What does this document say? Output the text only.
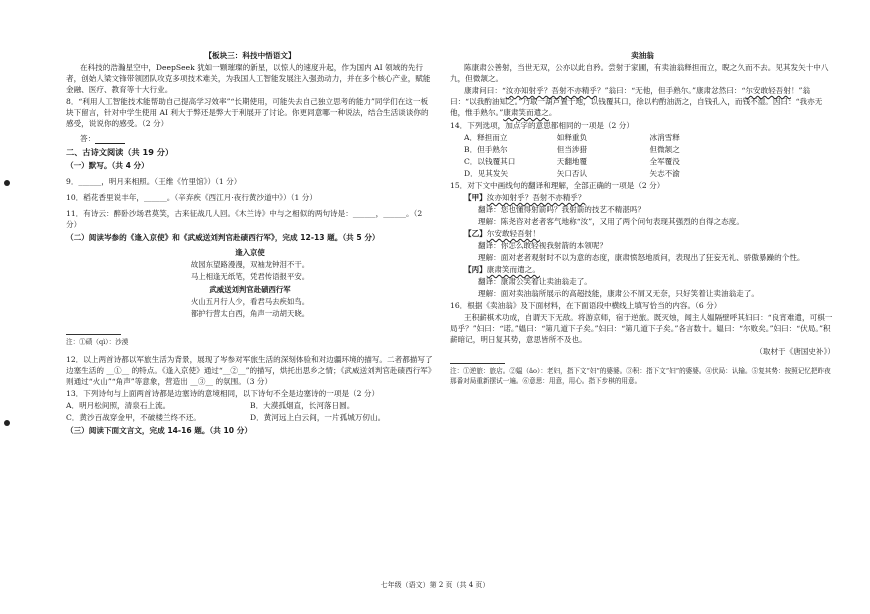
【板块三：科技中悟语文】
在科技的浩瀚星空中，DeepSeek 犹如一颗璀璨的新星，以惊人的速度升起，作为国内 AI 领域的先行者，创始人梁文锋带领团队攻克多项技术难关，为我国人工智能发展注入强劲动力，并在多个核心产业，赋能金融、医疗、教育等十大行业。
8．“利用人工智能技术能帮助自己提高学习效率”“长期使用，可能失去自己独立思考的能力”同学们在这一板块下留言，针对中学生使用 AI 利大于弊还是弊大于利展开了讨论。你更同意哪一种说法，结合生活谈谈你的感受，说说你的感受。（2 分）
答：
二、古诗文阅读（共 19 分）
（一）默写。（共 4 分）
9．______，明月来相照。（王维《竹里馆》）（1 分）
10．稻花香里说丰年，______。（辛弃疾《西江月·夜行黄沙道中》）（1 分）
11．有诗云：醉卧沙场君莫笑，古来征战几人回。《木兰诗》中与之相似的两句诗是：______，______。（2 分）
（二）阅读岑参的《逢入京使》和《武威送刘判官赴碛西行军》，完成 12-13 题。（共 5 分）
逢入京使
故园东望路漫漫，双袖龙钟泪不干。
马上相逢无纸笔，凭君传语报平安。
武威送刘判官赴碛西行军
火山五月行人少，看君马去疾如鸟。
都护行营太白西，角声一动胡天晓。
注：①碛（qì）：沙漠
12．以上两首诗都以军旅生活为背景，展现了岑参对军旅生活的深刻体验和对边疆环境的描写。二者都描写了边塞生活的 __①__ 的特点。《逢入京使》通过“__②__”的描写，烘托出思乡之情；《武威送刘判官赴碛西行军》则通过“火山”“角声”等意象，营造出 __③__ 的氛围。（3 分）
13．下列诗句与上面两首诗都是边塞诗的意境相同，以下诗句不全是边塞诗的一项是（2 分）
A．明月松间照，清泉石上流。	B．大漠孤烟直，长河落日圆。
C．黄沙百战穿金甲，不破楼兰终不还。	D．黄河远上白云间，一片孤城万仞山。
（三）阅读下面文言文，完成 14-16 题。（共 10 分）
卖油翁
陈康肃公善射，当世无双，公亦以此自矜。尝射于家圃，有卖油翁释担而立，睨之久而不去。见其发矢十中八九，但微颔之。
康肃问曰：“汝亦知射乎？吾射不亦精乎？”翁曰：“无他，但手熟尔。”康肃忿然曰：“尔安敢轻吾射！”翁曰：“以我酌油知之。”乃取一葫芦置于地，以钱覆其口，徐以杓酌油沥之，自钱孔入，而钱不湿。因曰：“我亦无他，惟手熟尔。”康肃笑而遣之。
14．下列选项，加点字的意思都相同的一项是（2 分）
A．释担而立	如释重负	冰消雪释
B．但手熟尔	但当涉猎	但微颔之
C．以钱覆其口	天翻地覆	全军覆没
D．见其发矢	矢口否认	矢志不渝
15．对下文中画线句的翻译和理解，全部正确的一项是（2 分）
【甲】汝亦知射乎？吾射不亦精乎？
翻译：您也懂得射箭吗？我射箭的技艺不精湛吗？
理解：陈尧咨对老者客气地称“汝”，又用了两个问句表现其强烈的自得之态度。
【乙】尔安敢轻吾射！
翻译：你怎么敢轻视我射箭的本领呢？
理解：面对老者观射时不以为意的态度，康肃愤怒地质问，表现出了狂妄无礼、骄傲暴躁的个性。
【丙】康肃笑而遣之。
翻译：康肃公笑着让卖油翁走了。
理解：面对卖油翁所展示的高超技能，康肃公不屑又无奈，只好笑着让卖油翁走了。
16．根据《卖油翁》及下面材料，在下面语段中横线上填写恰当的内容。（6 分）
王积薪棋术功成，自谓天下无敌。将游京师，宿于逆旅。既灭烛，闻主人媪隔壁呼其妇曰：“良宵难遣，可棋一局乎？”妇曰：“诺。”媪曰：“第几道下子矣。”妇曰：“第几道下子矣。”各言数十。媪曰：“尔败矣。”妇曰：“伏局。”积薪暗记，明日复其势，意思皆所不及也。
（取材于《唐国史补》）
注：①逆旅：旅店。②媪（ǎo）：老妇，指下文“妇”的婆婆。③积：指下文“妇”的婆婆。④伏局：认输。⑤复其势：按照记忆把昨夜那番对局重新摆试一遍。⑥意思：用意，用心。指下步棋的用意。
七年级（语文）第 2 页（共 4 页）
